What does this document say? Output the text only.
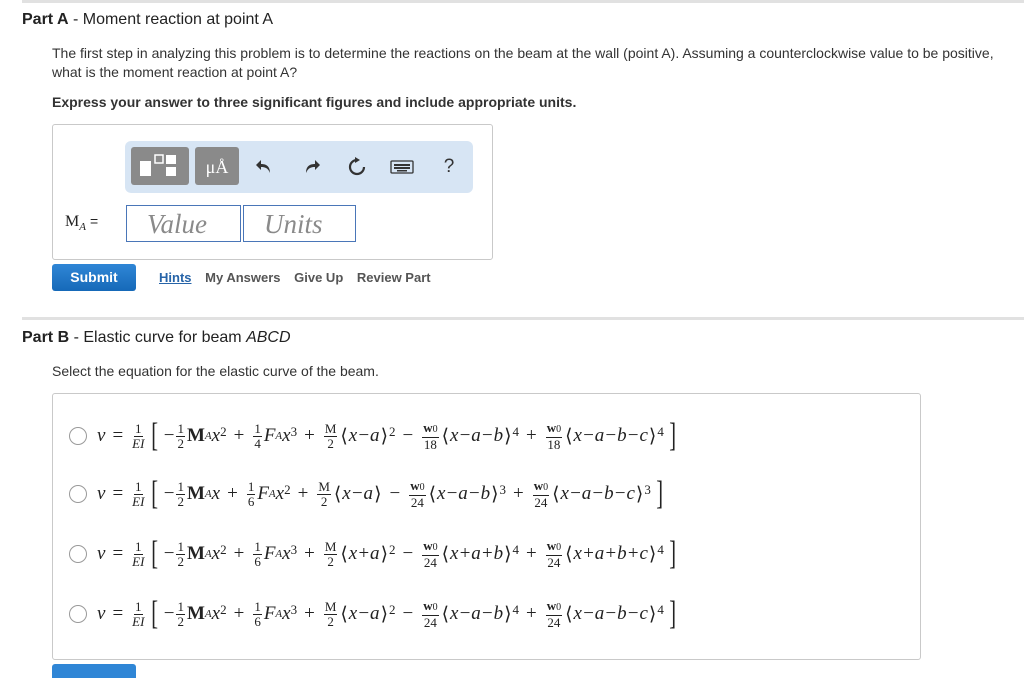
Part A - Moment reaction at point A
The first step in analyzing this problem is to determine the reactions on the beam at the wall (point A). Assuming a counterclockwise value to be positive, what is the moment reaction at point A?
Express your answer to three significant figures and include appropriate units.
μÅ	?
$M_A$ =
Value
Units
Submit	Hints My Answers Give Up Review Part
Part B - Elastic curve for beam ABCD
Select the equation for the elastic curve of the beam.
$v = \frac{1}{EI}$ [ − $\frac{1}{2}$ M A x $2 + \frac{1}{4}$ F A x $3 + \frac{M}{2}$ ⟨ x−a ⟩ $2 - \frac{w0}{18}$ ⟨ x−a−b ⟩ $4 + \frac{w0}{18}$ ⟨ x−a−b−c ⟩ 4 ]
$v = \frac{1}{EI}$ [ − $\frac{1}{2}$ M A $x + \frac{1}{6}$ F A x $2 + \frac{M}{2}$ ⟨ x−a ⟩ − $\frac{w0}{24}$ ⟨ x−a−b ⟩ $3 + \frac{w0}{24}$ ⟨ x−a−b−c ⟩ 3 ]
$v = \frac{1}{EI}$ [ − $\frac{1}{2}$ M A x $2 + \frac{1}{6}$ F A x $3 + \frac{M}{2}$ ⟨ x+a ⟩ $2 - \frac{w0}{24}$ ⟨ x+a+b ⟩ $4 + \frac{w0}{24}$ ⟨ x+a+b+c ⟩ 4 ]
$v = \frac{1}{EI}$ [ − $\frac{1}{2}$ M A x $2 + \frac{1}{6}$ F A x $3 + \frac{M}{2}$ ⟨ x−a ⟩ $2 - \frac{w0}{24}$ ⟨ x−a−b ⟩ $4 + \frac{w0}{24}$ ⟨ x−a−b−c ⟩ 4 ]
